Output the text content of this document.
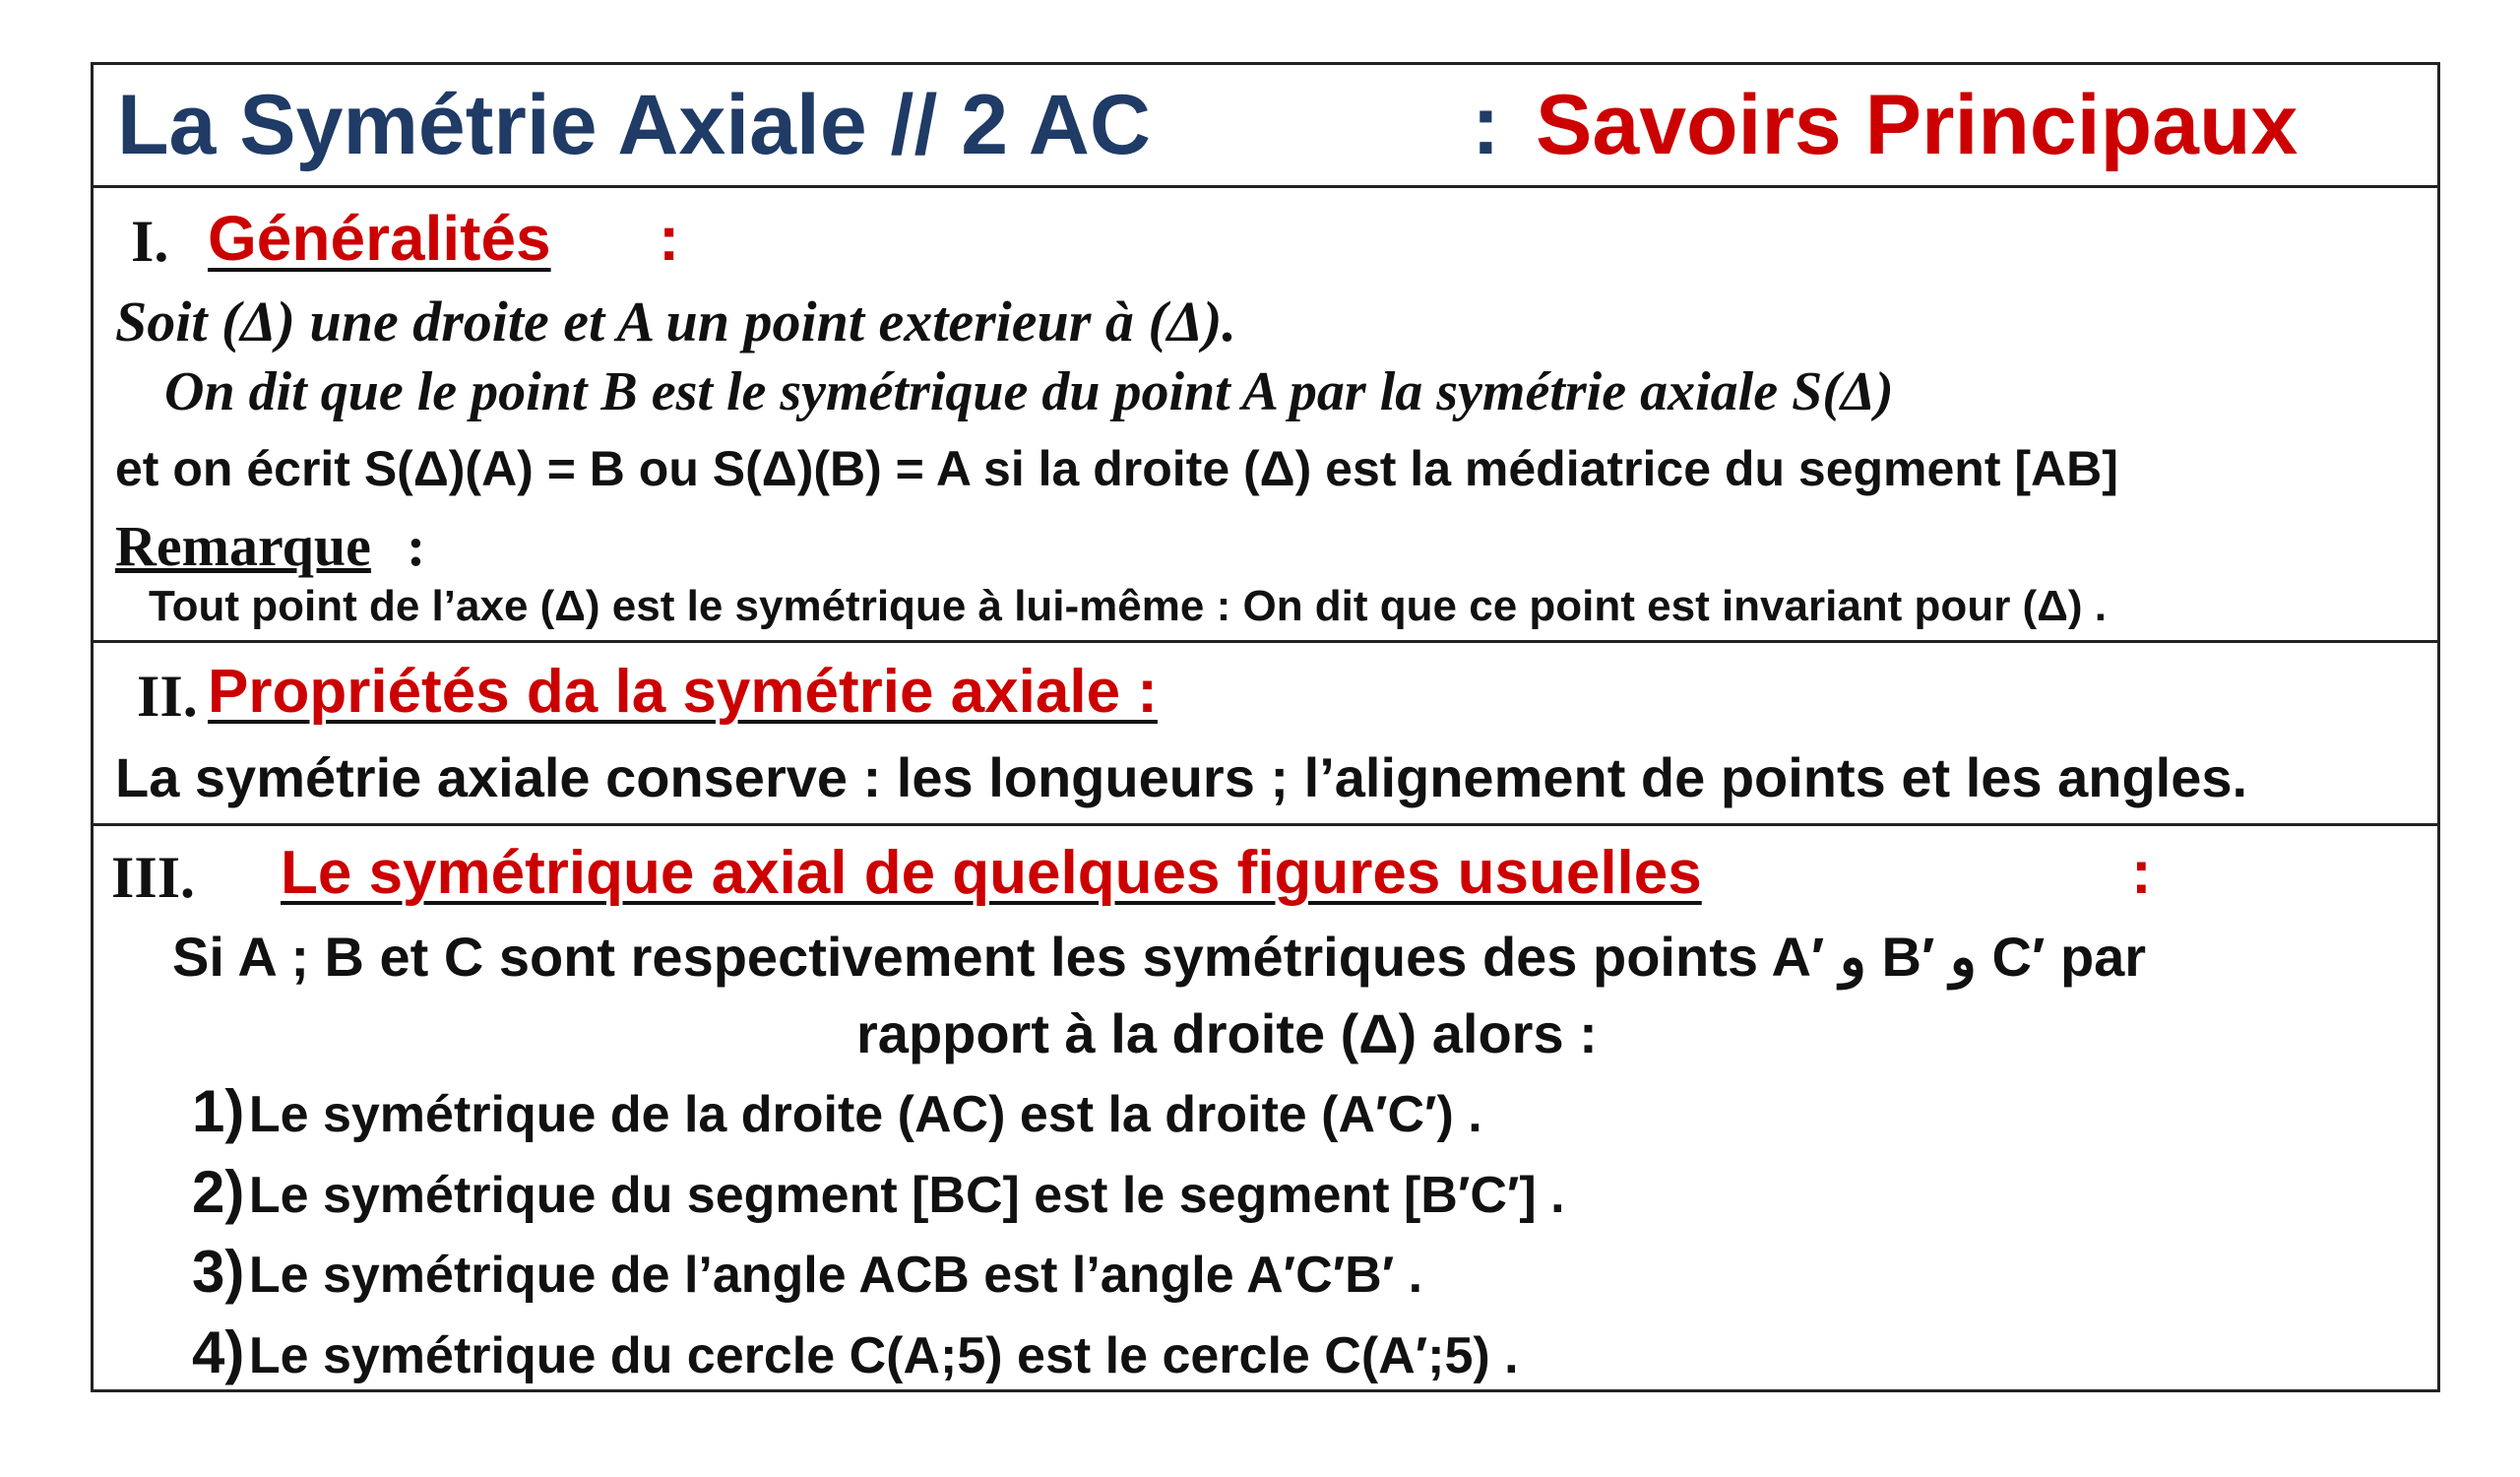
La Symétrie Axiale // 2 AC	: Savoirs Principaux
I. Généralités :
Soit (Δ) une droite et A un point exterieur à (Δ).
On dit que le point B est le symétrique du point A par la symétrie axiale S(Δ)
et on écrit S(Δ)(A) = B ou S(Δ)(B) = A si la droite (Δ) est la médiatrice du segment [AB]
Remarque :
Tout point de l’axe (Δ) est le symétrique à lui-même : On dit que ce point est invariant pour (Δ) .
II. Propriétés da la symétrie axiale :
La symétrie axiale conserve : les longueurs ; l’alignement de points et les angles.
III. Le symétrique axial de quelques figures usuelles	:
Si A ; B et C sont respectivement les symétriques des points A′ و B′ و C′ par
rapport à la droite (Δ) alors :
1) Le symétrique de la droite (AC) est la droite (A′C′) .
2) Le symétrique du segment [BC] est le segment [B′C′] .
3) Le symétrique de l’angle ACB est l’angle A′C′B′ .
4) Le symétrique du cercle C(A;5) est le cercle C(A′;5) .
